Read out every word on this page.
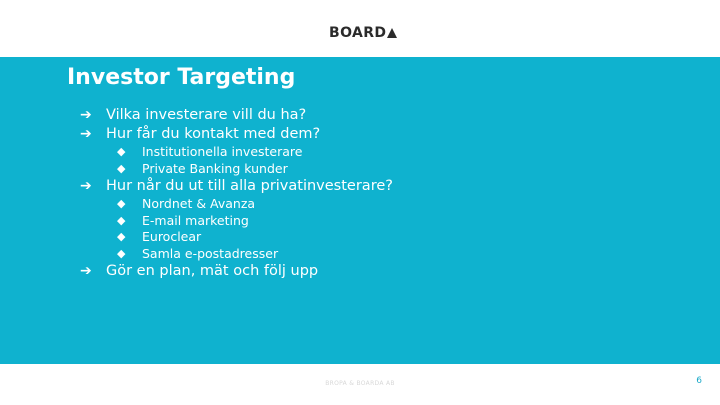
BOARD
Investor Targeting
➔ Vilka investerare vill du ha?
➔ Hur får du kontakt med dem?
◆	Institutionella investerare
◆	Private Banking kunder
➔ Hur når du ut till alla privatinvesterare?
◆	Nordnet & Avanza
◆	E-mail marketing
◆	Euroclear
◆	Samla e-postadresser
➔ Gör en plan, mät och följ upp
BROPA & BOARDA AB	6
